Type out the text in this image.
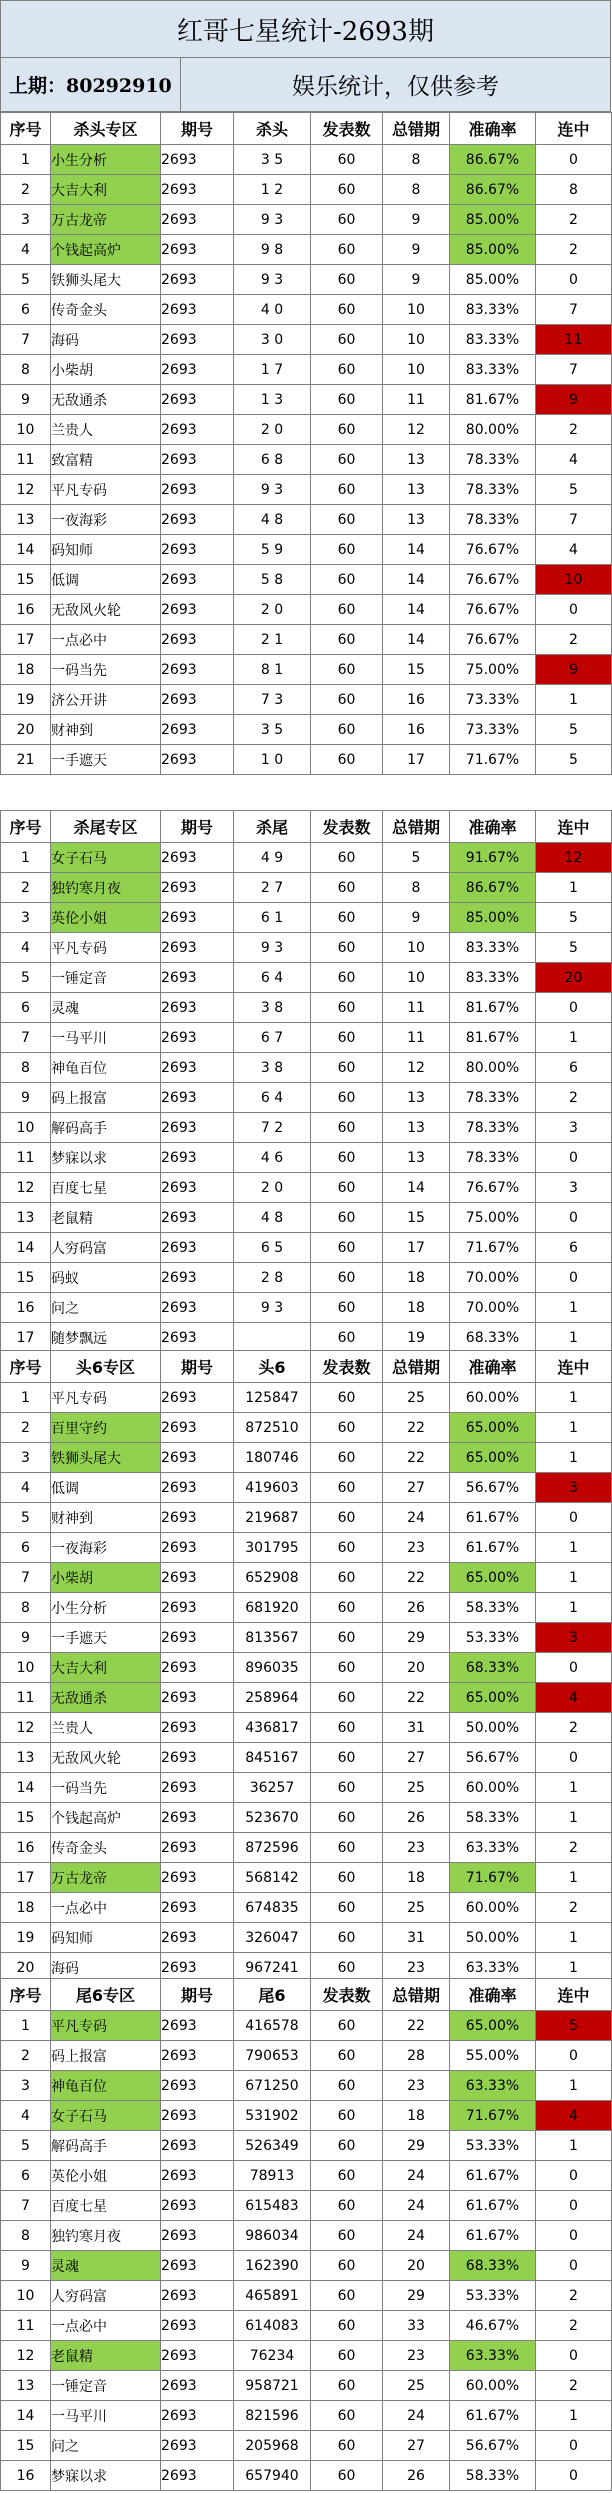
红哥七星统计-2693期
上期：80292910	娱乐统计，仅供参考
序号	杀头专区	期号	杀头	发表数	总错期	准确率	连中
1	小生分析	2693	3 5	60	8	86.67%	0
2	大吉大利	2693	1 2	60	8	86.67%	8
3	万古龙帝	2693	9 3	60	9	85.00%	2
4	个钱起高炉	2693	9 8	60	9	85.00%	2
5	铁狮头尾大	2693	9 3	60	9	85.00%	0
6	传奇金头	2693	4 0	60	10	83.33%	7
7	海码	2693	3 0	60	10	83.33%	11
8	小柴胡	2693	1 7	60	10	83.33%	7
9	无敌通杀	2693	1 3	60	11	81.67%	9
10	兰贵人	2693	2 0	60	12	80.00%	2
11	致富精	2693	6 8	60	13	78.33%	4
12	平凡专码	2693	9 3	60	13	78.33%	5
13	一夜海彩	2693	4 8	60	13	78.33%	7
14	码知师	2693	5 9	60	14	76.67%	4
15	低调	2693	5 8	60	14	76.67%	10
16	无敌风火轮	2693	2 0	60	14	76.67%	0
17	一点必中	2693	2 1	60	14	76.67%	2
18	一码当先	2693	8 1	60	15	75.00%	9
19	济公开讲	2693	7 3	60	16	73.33%	1
20	财神到	2693	3 5	60	16	73.33%	5
21	一手遮天	2693	1 0	60	17	71.67%	5
序号	杀尾专区	期号	杀尾	发表数	总错期	准确率	连中
1	女子石马	2693	4 9	60	5	91.67%	12
2	独钓寒月夜	2693	2 7	60	8	86.67%	1
3	英伦小姐	2693	6 1	60	9	85.00%	5
4	平凡专码	2693	9 3	60	10	83.33%	5
5	一锤定音	2693	6 4	60	10	83.33%	20
6	灵魂	2693	3 8	60	11	81.67%	0
7	一马平川	2693	6 7	60	11	81.67%	1
8	神龟百位	2693	3 8	60	12	80.00%	6
9	码上报富	2693	6 4	60	13	78.33%	2
10	解码高手	2693	7 2	60	13	78.33%	3
11	梦寐以求	2693	4 6	60	13	78.33%	0
12	百度七星	2693	2 0	60	14	76.67%	3
13	老鼠精	2693	4 8	60	15	75.00%	0
14	人穷码富	2693	6 5	60	17	71.67%	6
15	码蚁	2693	2 8	60	18	70.00%	0
16	问之	2693	9 3	60	18	70.00%	1
17	随梦飘远	2693		60	19	68.33%	1
序号	头6专区	期号	头6	发表数	总错期	准确率	连中
1	平凡专码	2693	125847	60	25	60.00%	1
2	百里守约	2693	872510	60	22	65.00%	1
3	铁狮头尾大	2693	180746	60	22	65.00%	1
4	低调	2693	419603	60	27	56.67%	3
5	财神到	2693	219687	60	24	61.67%	0
6	一夜海彩	2693	301795	60	23	61.67%	1
7	小柴胡	2693	652908	60	22	65.00%	1
8	小生分析	2693	681920	60	26	58.33%	1
9	一手遮天	2693	813567	60	29	53.33%	3
10	大吉大利	2693	896035	60	20	68.33%	0
11	无敌通杀	2693	258964	60	22	65.00%	4
12	兰贵人	2693	436817	60	31	50.00%	2
13	无敌风火轮	2693	845167	60	27	56.67%	0
14	一码当先	2693	36257	60	25	60.00%	1
15	个钱起高炉	2693	523670	60	26	58.33%	1
16	传奇金头	2693	872596	60	23	63.33%	2
17	万古龙帝	2693	568142	60	18	71.67%	1
18	一点必中	2693	674835	60	25	60.00%	2
19	码知师	2693	326047	60	31	50.00%	1
20	海码	2693	967241	60	23	63.33%	1
序号	尾6专区	期号	尾6	发表数	总错期	准确率	连中
1	平凡专码	2693	416578	60	22	65.00%	5
2	码上报富	2693	790653	60	28	55.00%	0
3	神龟百位	2693	671250	60	23	63.33%	1
4	女子石马	2693	531902	60	18	71.67%	4
5	解码高手	2693	526349	60	29	53.33%	1
6	英伦小姐	2693	78913	60	24	61.67%	0
7	百度七星	2693	615483	60	24	61.67%	0
8	独钓寒月夜	2693	986034	60	24	61.67%	0
9	灵魂	2693	162390	60	20	68.33%	0
10	人穷码富	2693	465891	60	29	53.33%	2
11	一点必中	2693	614083	60	33	46.67%	2
12	老鼠精	2693	76234	60	23	63.33%	0
13	一锤定音	2693	958721	60	25	60.00%	2
14	一马平川	2693	821596	60	24	61.67%	1
15	问之	2693	205968	60	27	56.67%	0
16	梦寐以求	2693	657940	60	26	58.33%	0
